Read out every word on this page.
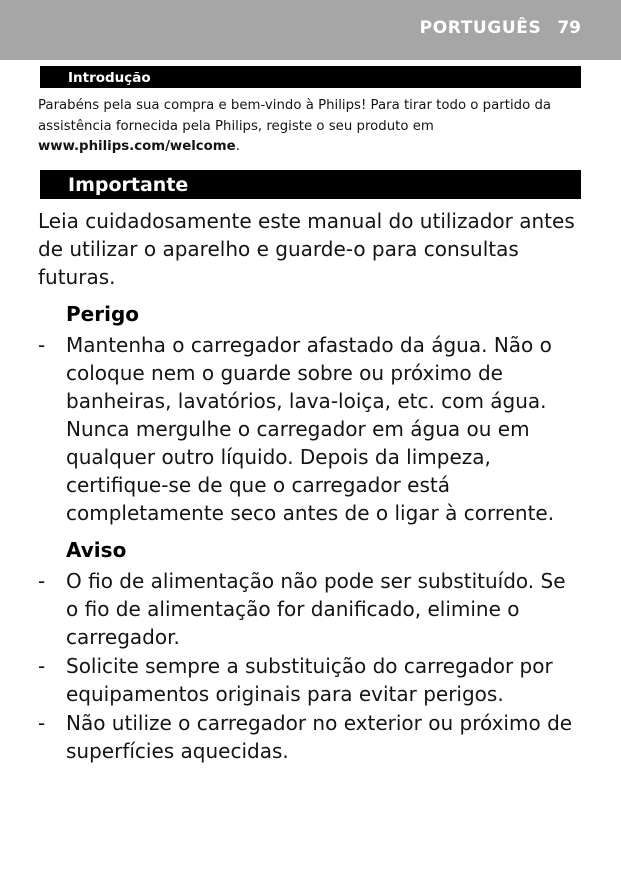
PORTUGUÊS 79
Introdução

Parabéns pela sua compra e bem-vindo à Philips! Para tirar todo o partido da assistência fornecida pela Philips, registe o seu produto em www.philips.com/welcome.

Importante

Leia cuidadosamente este manual do utilizador antes de utilizar o aparelho e guarde-o para consultas futuras.

Perigo
-	Mantenha o carregador afastado da água. Não o coloque nem o guarde sobre ou próximo de banheiras, lavatórios, lava-loiça, etc. com água. Nunca mergulhe o carregador em água ou em qualquer outro líquido. Depois da limpeza, certifique-se de que o carregador está completamente seco antes de o ligar à corrente.
Aviso
-	O fio de alimentação não pode ser substituído. Se o fio de alimentação for danificado, elimine o carregador.
-	Solicite sempre a substituição do carregador por equipamentos originais para evitar perigos.
-	Não utilize o carregador no exterior ou próximo de superfícies aquecidas.
